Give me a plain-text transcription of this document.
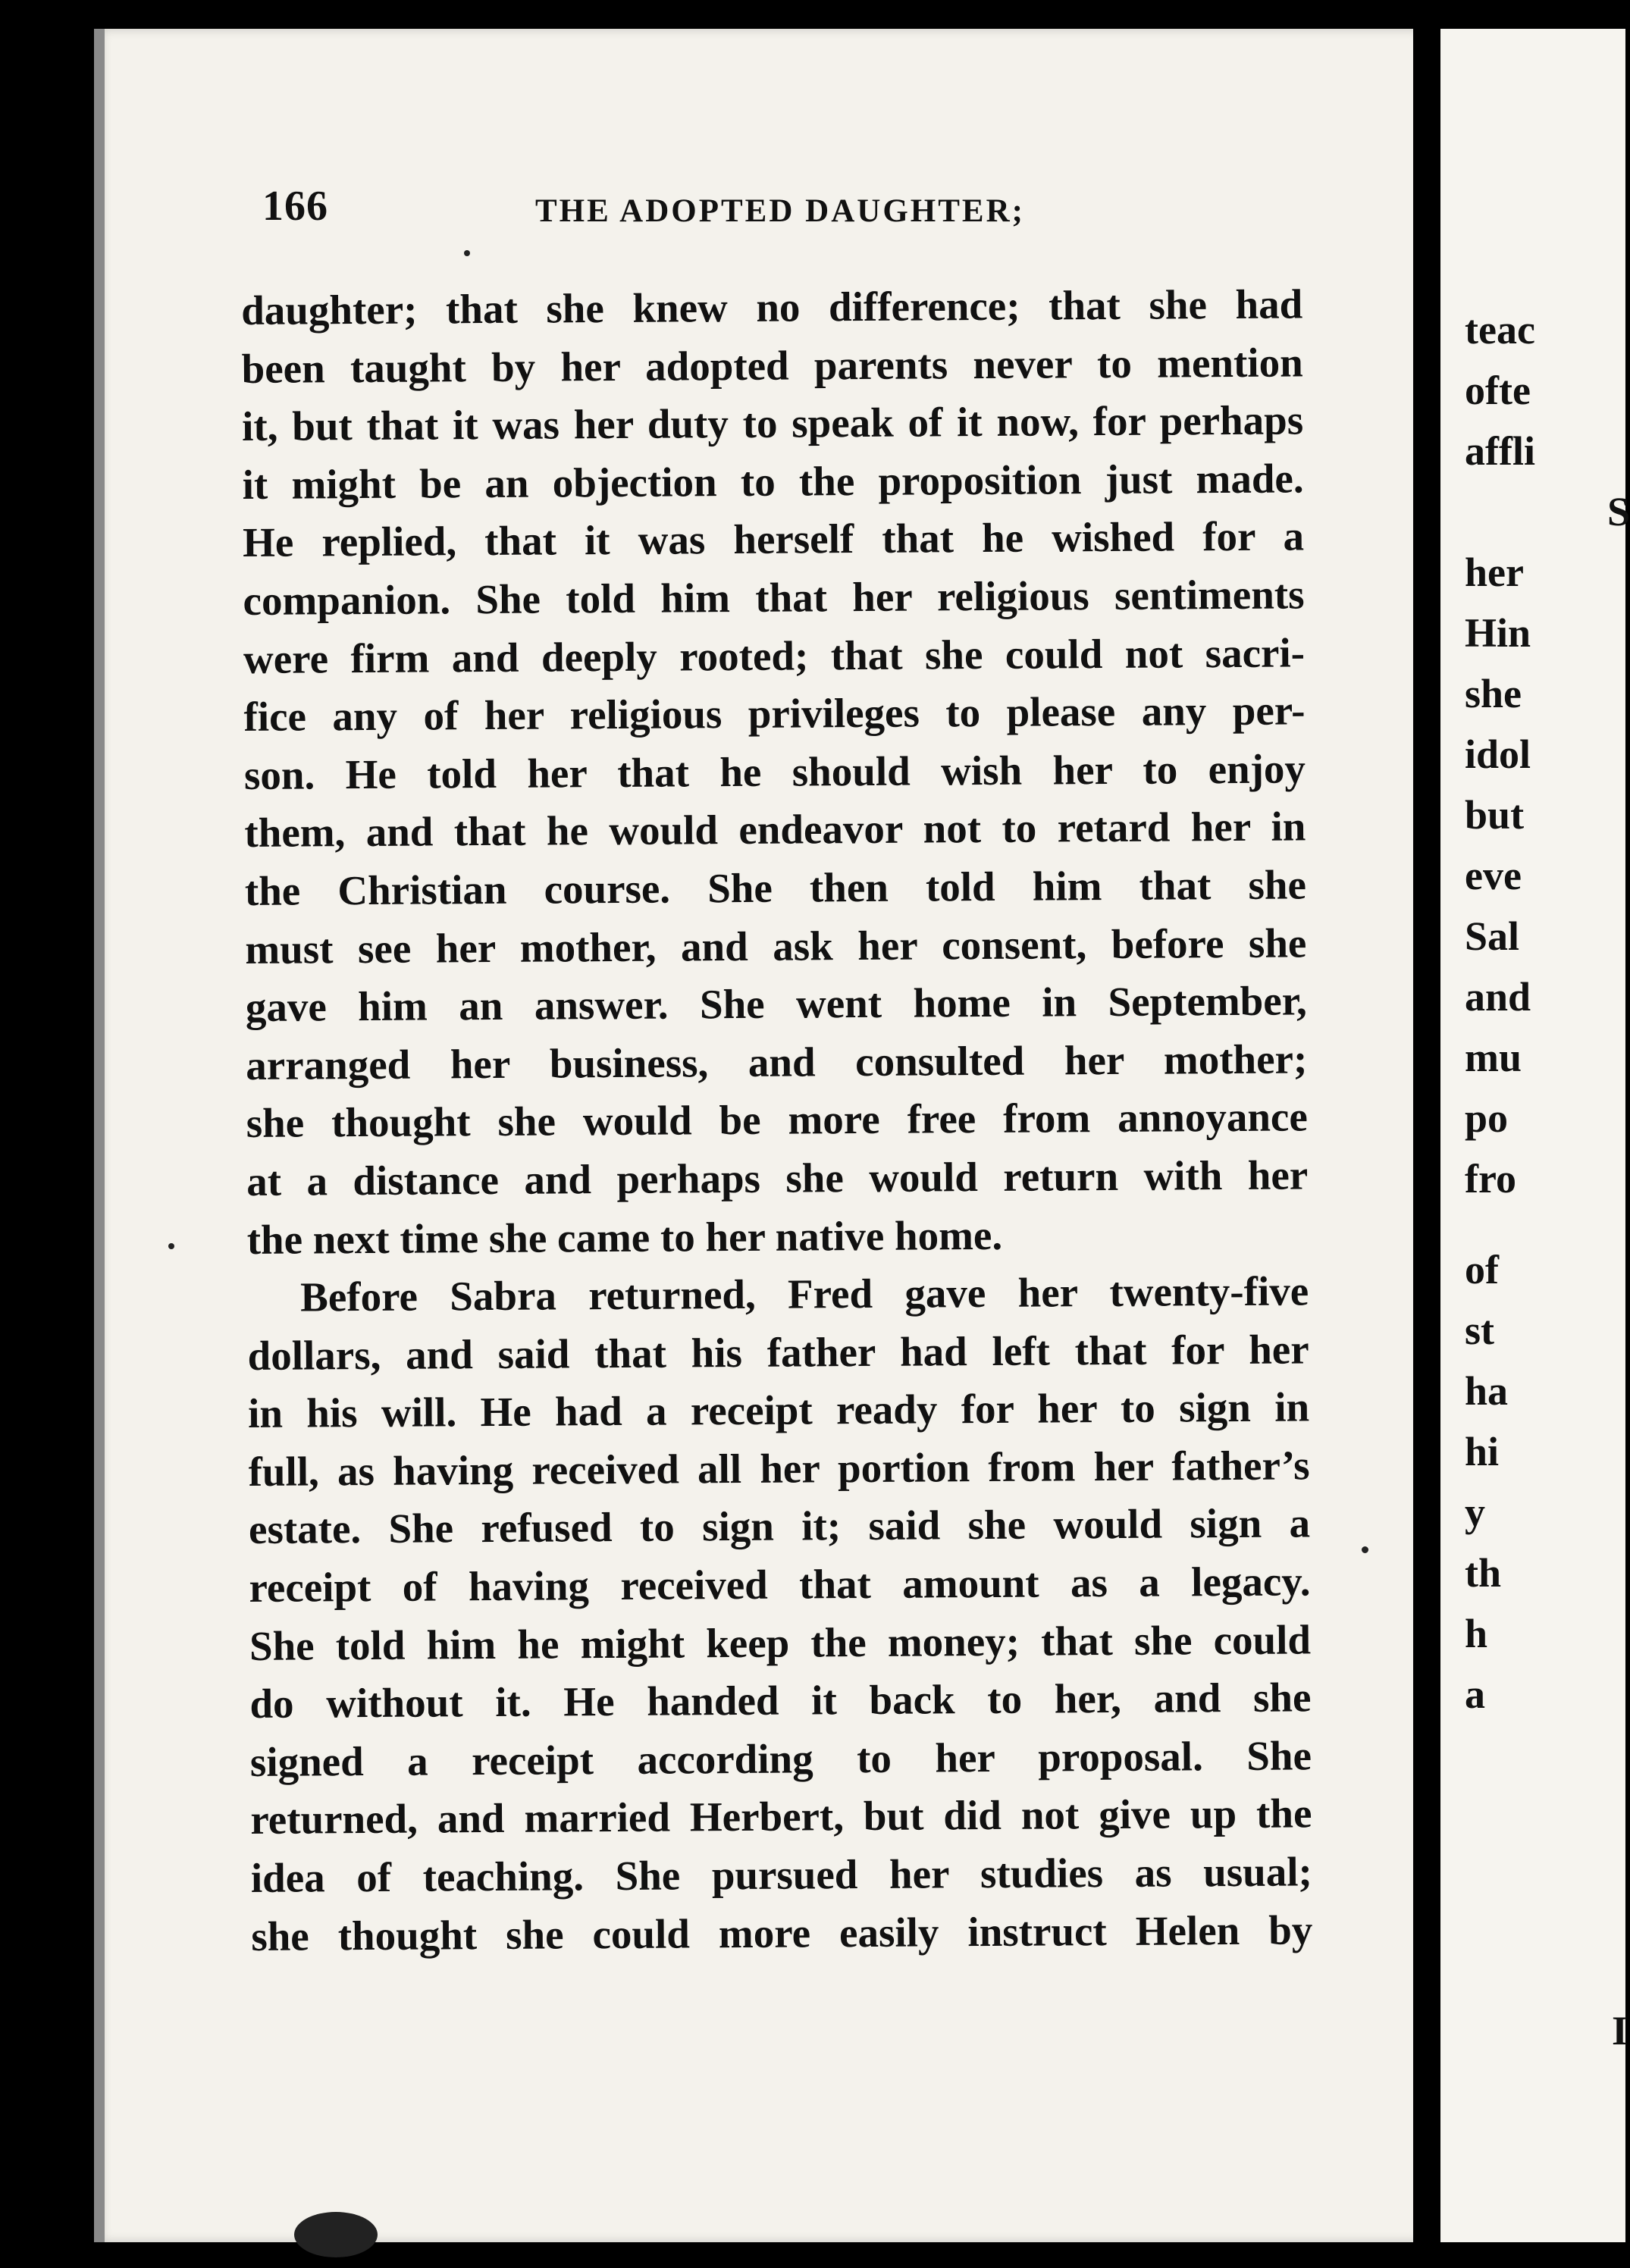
166	THE ADOPTED DAUGHTER;
daughter; that she knew no difference; that she had
been taught by her adopted parents never to mention
it, but that it was her duty to speak of it now, for perhaps
it might be an objection to the proposition just made.
He replied, that it was herself that he wished for a
companion. She told him that her religious sentiments
were firm and deeply rooted; that she could not sacri-
fice any of her religious privileges to please any per-
son. He told her that he should wish her to enjoy
them, and that he would endeavor not to retard her in
the Christian course. She then told him that she
must see her mother, and ask her consent, before she
gave him an answer. She went home in September,
arranged her business, and consulted her mother;
she thought she would be more free from annoyance
at a distance and perhaps she would return with her
the next time she came to her native home.
Before Sabra returned, Fred gave her twenty-five
dollars, and said that his father had left that for her
in his will. He had a receipt ready for her to sign in
full, as having received all her portion from her father’s
estate. She refused to sign it; said she would sign a
receipt of having received that amount as a legacy.
She told him he might keep the money; that she could
do without it. He handed it back to her, and she
signed a receipt according to her proposal. She
returned, and married Herbert, but did not give up the
idea of teaching. She pursued her studies as usual;
she thought she could more easily instruct Helen by
teac
ofte
affli
S
her
Hin
she
idol
but
eve
Sal
and
mu
po
fro
of
st
ha
hi
y
th
h
a
I
